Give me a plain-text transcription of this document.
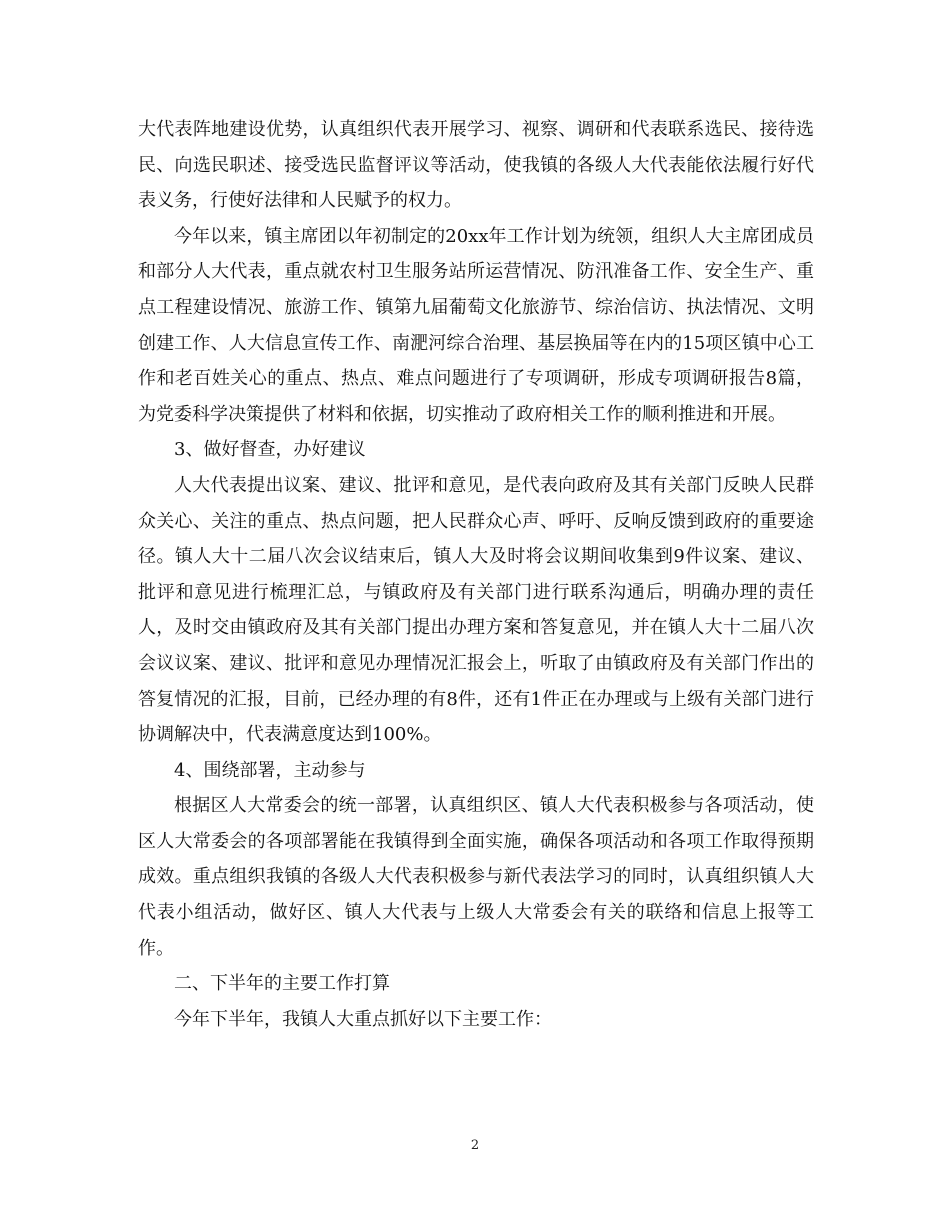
大代表阵地建设优势，认真组织代表开展学习、视察、调研和代表联系选民、接待选民、向选民职述、接受选民监督评议等活动，使我镇的各级人大代表能依法履行好代表义务，行使好法律和人民赋予的权力。

今年以来，镇主席团以年初制定的20xx年工作计划为统领，组织人大主席团成员和部分人大代表，重点就农村卫生服务站所运营情况、防汛准备工作、安全生产、重点工程建设情况、旅游工作、镇第九届葡萄文化旅游节、综治信访、执法情况、文明创建工作、人大信息宣传工作、南淝河综合治理、基层换届等在内的15项区镇中心工作和老百姓关心的重点、热点、难点问题进行了专项调研，形成专项调研报告8篇，为党委科学决策提供了材料和依据，切实推动了政府相关工作的顺利推进和开展。

3、做好督查，办好建议

人大代表提出议案、建议、批评和意见，是代表向政府及其有关部门反映人民群众关心、关注的重点、热点问题，把人民群众心声、呼吁、反响反馈到政府的重要途径。镇人大十二届八次会议结束后，镇人大及时将会议期间收集到9件议案、建议、批评和意见进行梳理汇总，与镇政府及有关部门进行联系沟通后，明确办理的责任人，及时交由镇政府及其有关部门提出办理方案和答复意见，并在镇人大十二届八次会议议案、建议、批评和意见办理情况汇报会上，听取了由镇政府及有关部门作出的答复情况的汇报，目前，已经办理的有8件，还有1件正在办理或与上级有关部门进行协调解决中，代表满意度达到100%。

4、围绕部署，主动参与

根据区人大常委会的统一部署，认真组织区、镇人大代表积极参与各项活动，使区人大常委会的各项部署能在我镇得到全面实施，确保各项活动和各项工作取得预期成效。重点组织我镇的各级人大代表积极参与新代表法学习的同时，认真组织镇人大代表小组活动，做好区、镇人大代表与上级人大常委会有关的联络和信息上报等工作。

二、下半年的主要工作打算

今年下半年，我镇人大重点抓好以下主要工作：

2
